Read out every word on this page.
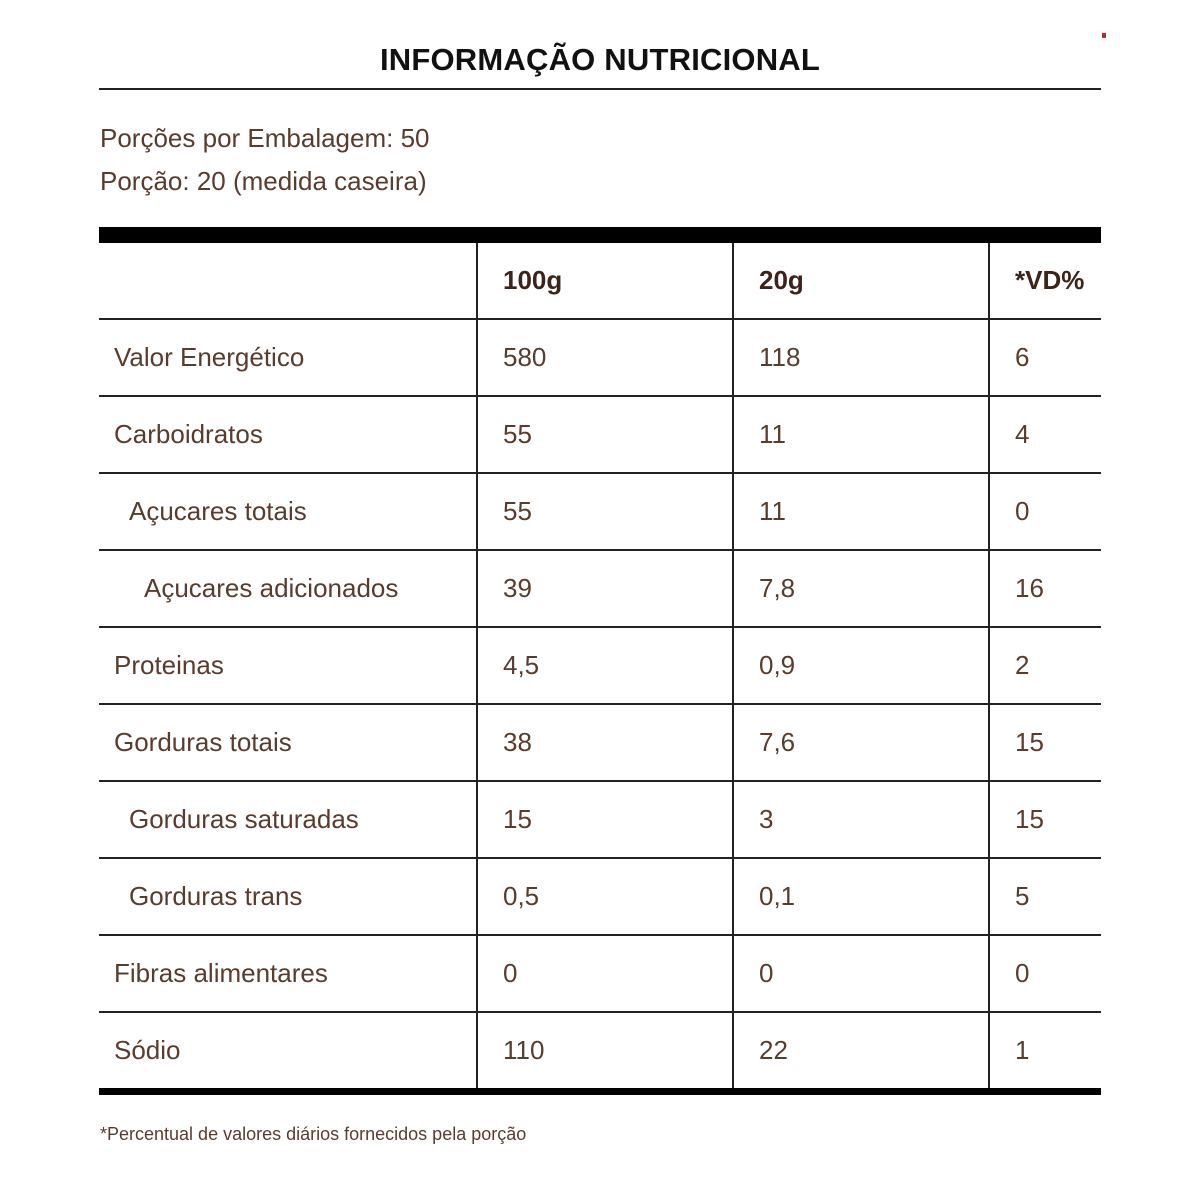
INFORMAÇÃO NUTRICIONAL
Porções por Embalagem: 50
Porção: 20 (medida caseira)
	100g	20g	*VD%
Valor Energético	580	118	6
Carboidratos	55	11	4
Açucares totais	55	11	0
Açucares adicionados	39	7,8	16
Proteinas	4,5	0,9	2
Gorduras totais	38	7,6	15
Gorduras saturadas	15	3	15
Gorduras trans	0,5	0,1	5
Fibras alimentares	0	0	0
Sódio	110	22	1
*Percentual de valores diários fornecidos pela porção
